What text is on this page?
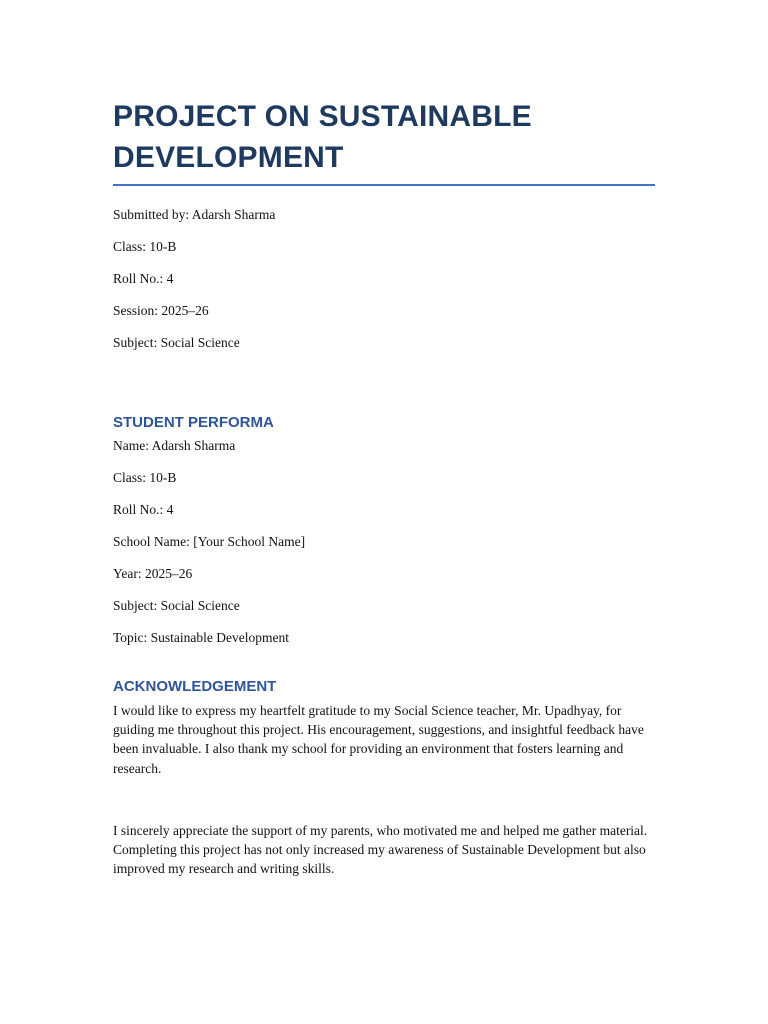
PROJECT ON SUSTAINABLE DEVELOPMENT

Submitted by: Adarsh Sharma

Class: 10-B

Roll No.: 4

Session: 2025–26

Subject: Social Science

STUDENT PERFORMA

Name: Adarsh Sharma

Class: 10-B

Roll No.: 4

School Name: [Your School Name]

Year: 2025–26

Subject: Social Science

Topic: Sustainable Development

ACKNOWLEDGEMENT

I would like to express my heartfelt gratitude to my Social Science teacher, Mr. Upadhyay, for guiding me throughout this project. His encouragement, suggestions, and insightful feedback have been invaluable. I also thank my school for providing an environment that fosters learning and research.

I sincerely appreciate the support of my parents, who motivated me and helped me gather material. Completing this project has not only increased my awareness of Sustainable Development but also improved my research and writing skills.
